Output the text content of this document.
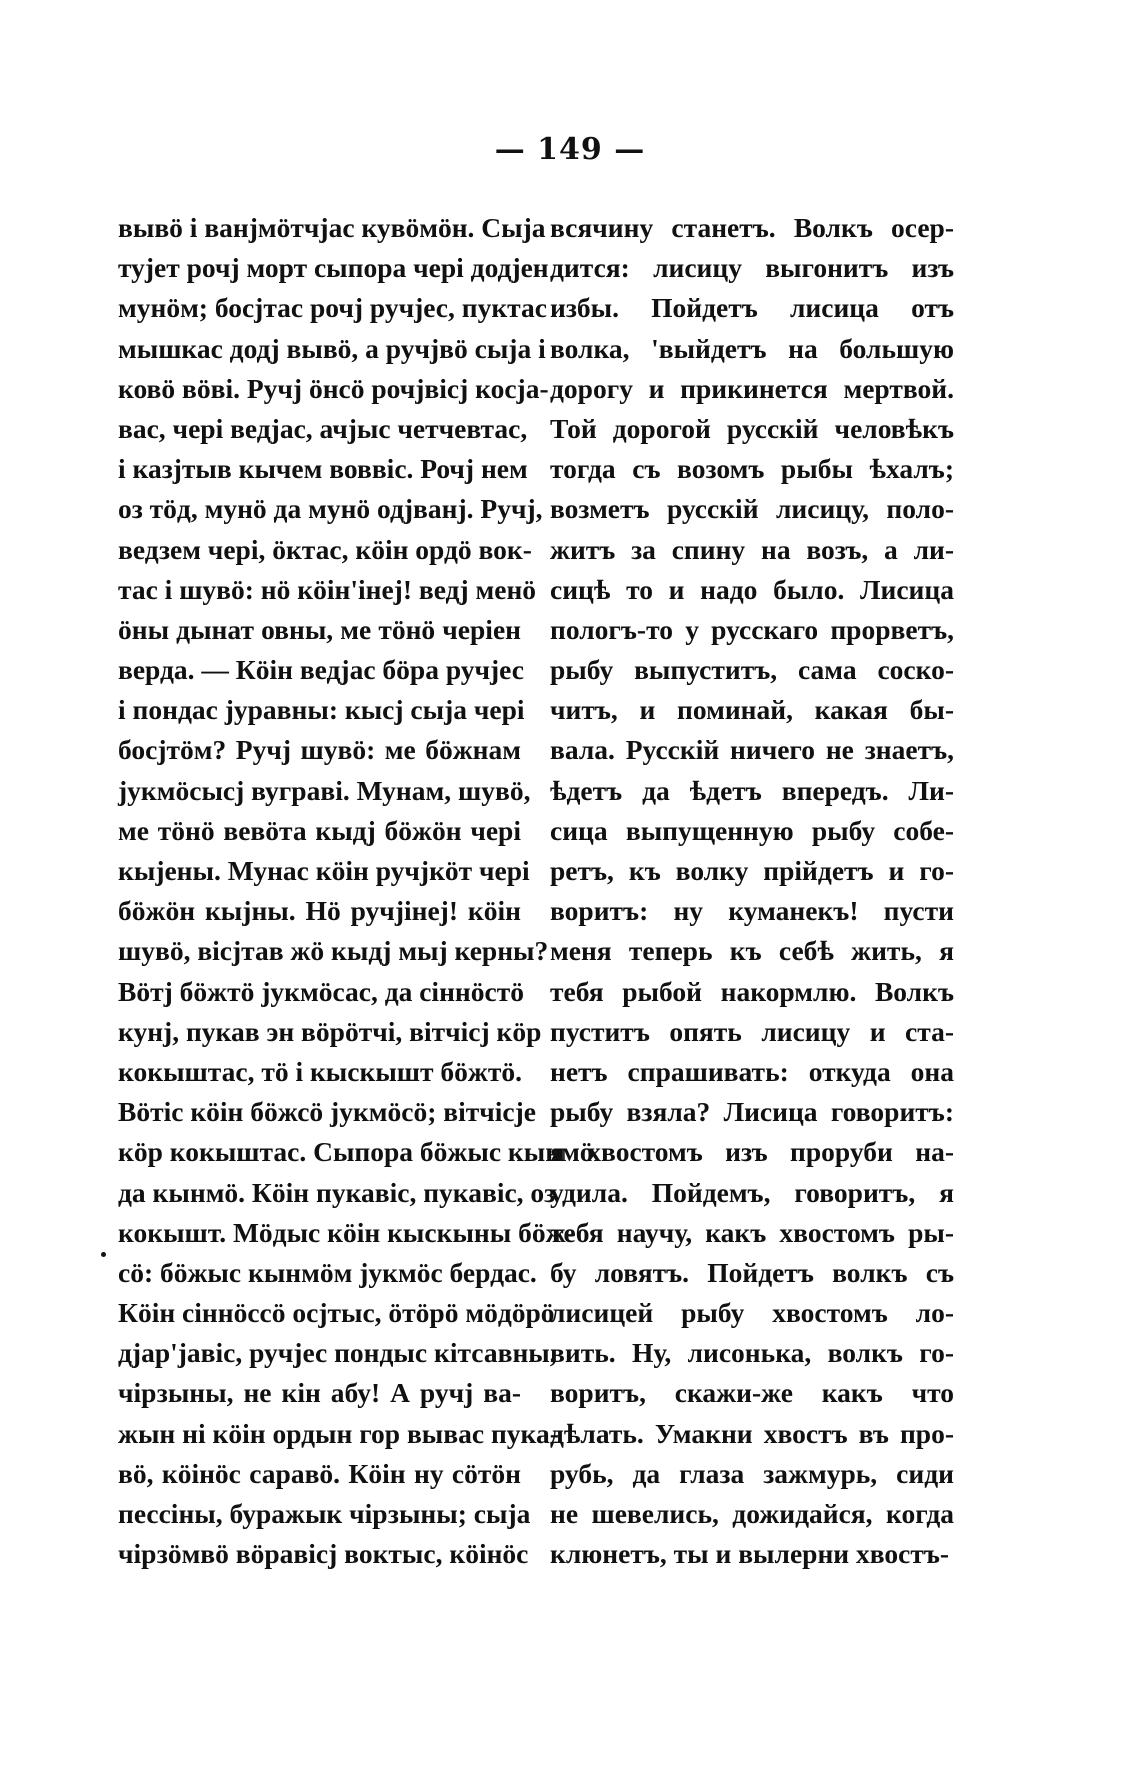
— 149 —
вывӧ і ванјмӧтчјас кувӧмӧн. Сыја
тујет рочј морт сыпора чері додјен
мунӧм; босјтас рочј ручјес, пуктас
мышкас додј вывӧ, а ручјвӧ сыја і
ковӧ вӧві. Ручј ӧнсӧ рочјвісј косја-
вас, чері ведјас, ачјыс четчевтас,
і казјтыв кычем воввіс. Рочј нем
оз тӧд, мунӧ да мунӧ одјванј. Ручј,
ведзем чері, ӧктас, кӧін ордӧ вок-
тас і шувӧ: нӧ кӧін'інеј! ведј менӧ
ӧны дынат овны, ме тӧнӧ черіен
верда. — Кӧін ведјас бӧра ручјес
і пондас јуравны: кысј сыја чері
босјтӧм? Ручј шувӧ: ме бӧжнам
јукмӧсысј вуграві. Мунам, шувӧ,
ме тӧнӧ вевӧта кыдј бӧжӧн чері
кыјены. Мунас кӧін ручјкӧт чері
бӧжӧн кыјны. Нӧ ручјінеј! кӧін
шувӧ, вісјтав жӧ кыдј мыј керны?
Вӧтј бӧжтӧ јукмӧсас, да сіннӧстӧ
кунј, пукав эн вӧрӧтчі, вітчісј кӧр
кокыштас, тӧ і кыскышт бӧжтӧ.
Вӧтіс кӧін бӧжсӧ јукмӧсӧ; вітчісје
кӧр кокыштас. Сыпора бӧжыс кынмӧ
да кынмӧ. Кӧін пукавіс, пукавіс, оз
кокышт. Мӧдыс кӧін кыскыны бӧж-
сӧ: бӧжыс кынмӧм јукмӧс бердас.
Кӧін сіннӧссӧ осјтыс, ӧтӧрӧ мӧдӧрӧ
дјар'јавіс, ручјес пондыс кітсавны,
чірзыны, не кін абу! А ручј ва-
жын ні кӧін ордын гор вывас пука-
вӧ, кӧінӧс саравӧ. Кӧін ну сӧтӧн
пессіны, буражык чірзыны; сыја
чірзӧмвӧ вӧравісј воктыс, кӧінӧс
всячину станетъ. Волкъ осер-
дится: лисицу выгонитъ изъ
избы. Пойдетъ лисица отъ
волка, 'выйдетъ на большую
дорогу и прикинется мертвой.
Той дорогой русскій человѣкъ
тогда съ возомъ рыбы ѣхалъ;
возметъ русскій лисицу, поло-
житъ за спину на возъ, а ли-
сицѣ то и надо было. Лисица
пологъ-то у русскаго прорветъ,
рыбу выпуститъ, сама соско-
читъ, и поминай, какая бы-
вала. Русскій ничего не знаетъ,
ѣдетъ да ѣдетъ впередъ. Ли-
сица выпущенную рыбу собе-
ретъ, къ волку прійдетъ и го-
воритъ: ну куманекъ! пусти
меня теперь къ себѣ жить, я
тебя рыбой накормлю. Волкъ
пуститъ опять лисицу и ста-
нетъ спрашивать: откуда она
рыбу взяла? Лисица говоритъ:
я хвостомъ изъ проруби на-
удила. Пойдемъ, говоритъ, я
тебя научу, какъ хвостомъ ры-
бу ловятъ. Пойдетъ волкъ съ
лисицей рыбу хвостомъ ло-
вить. Ну, лисонька, волкъ го-
воритъ, скажи-же какъ что
дѣлать. Умакни хвостъ въ про-
рубь, да глаза зажмурь, сиди
не шевелись, дожидайся, когда
клюнетъ, ты и вылерни хвостъ-
